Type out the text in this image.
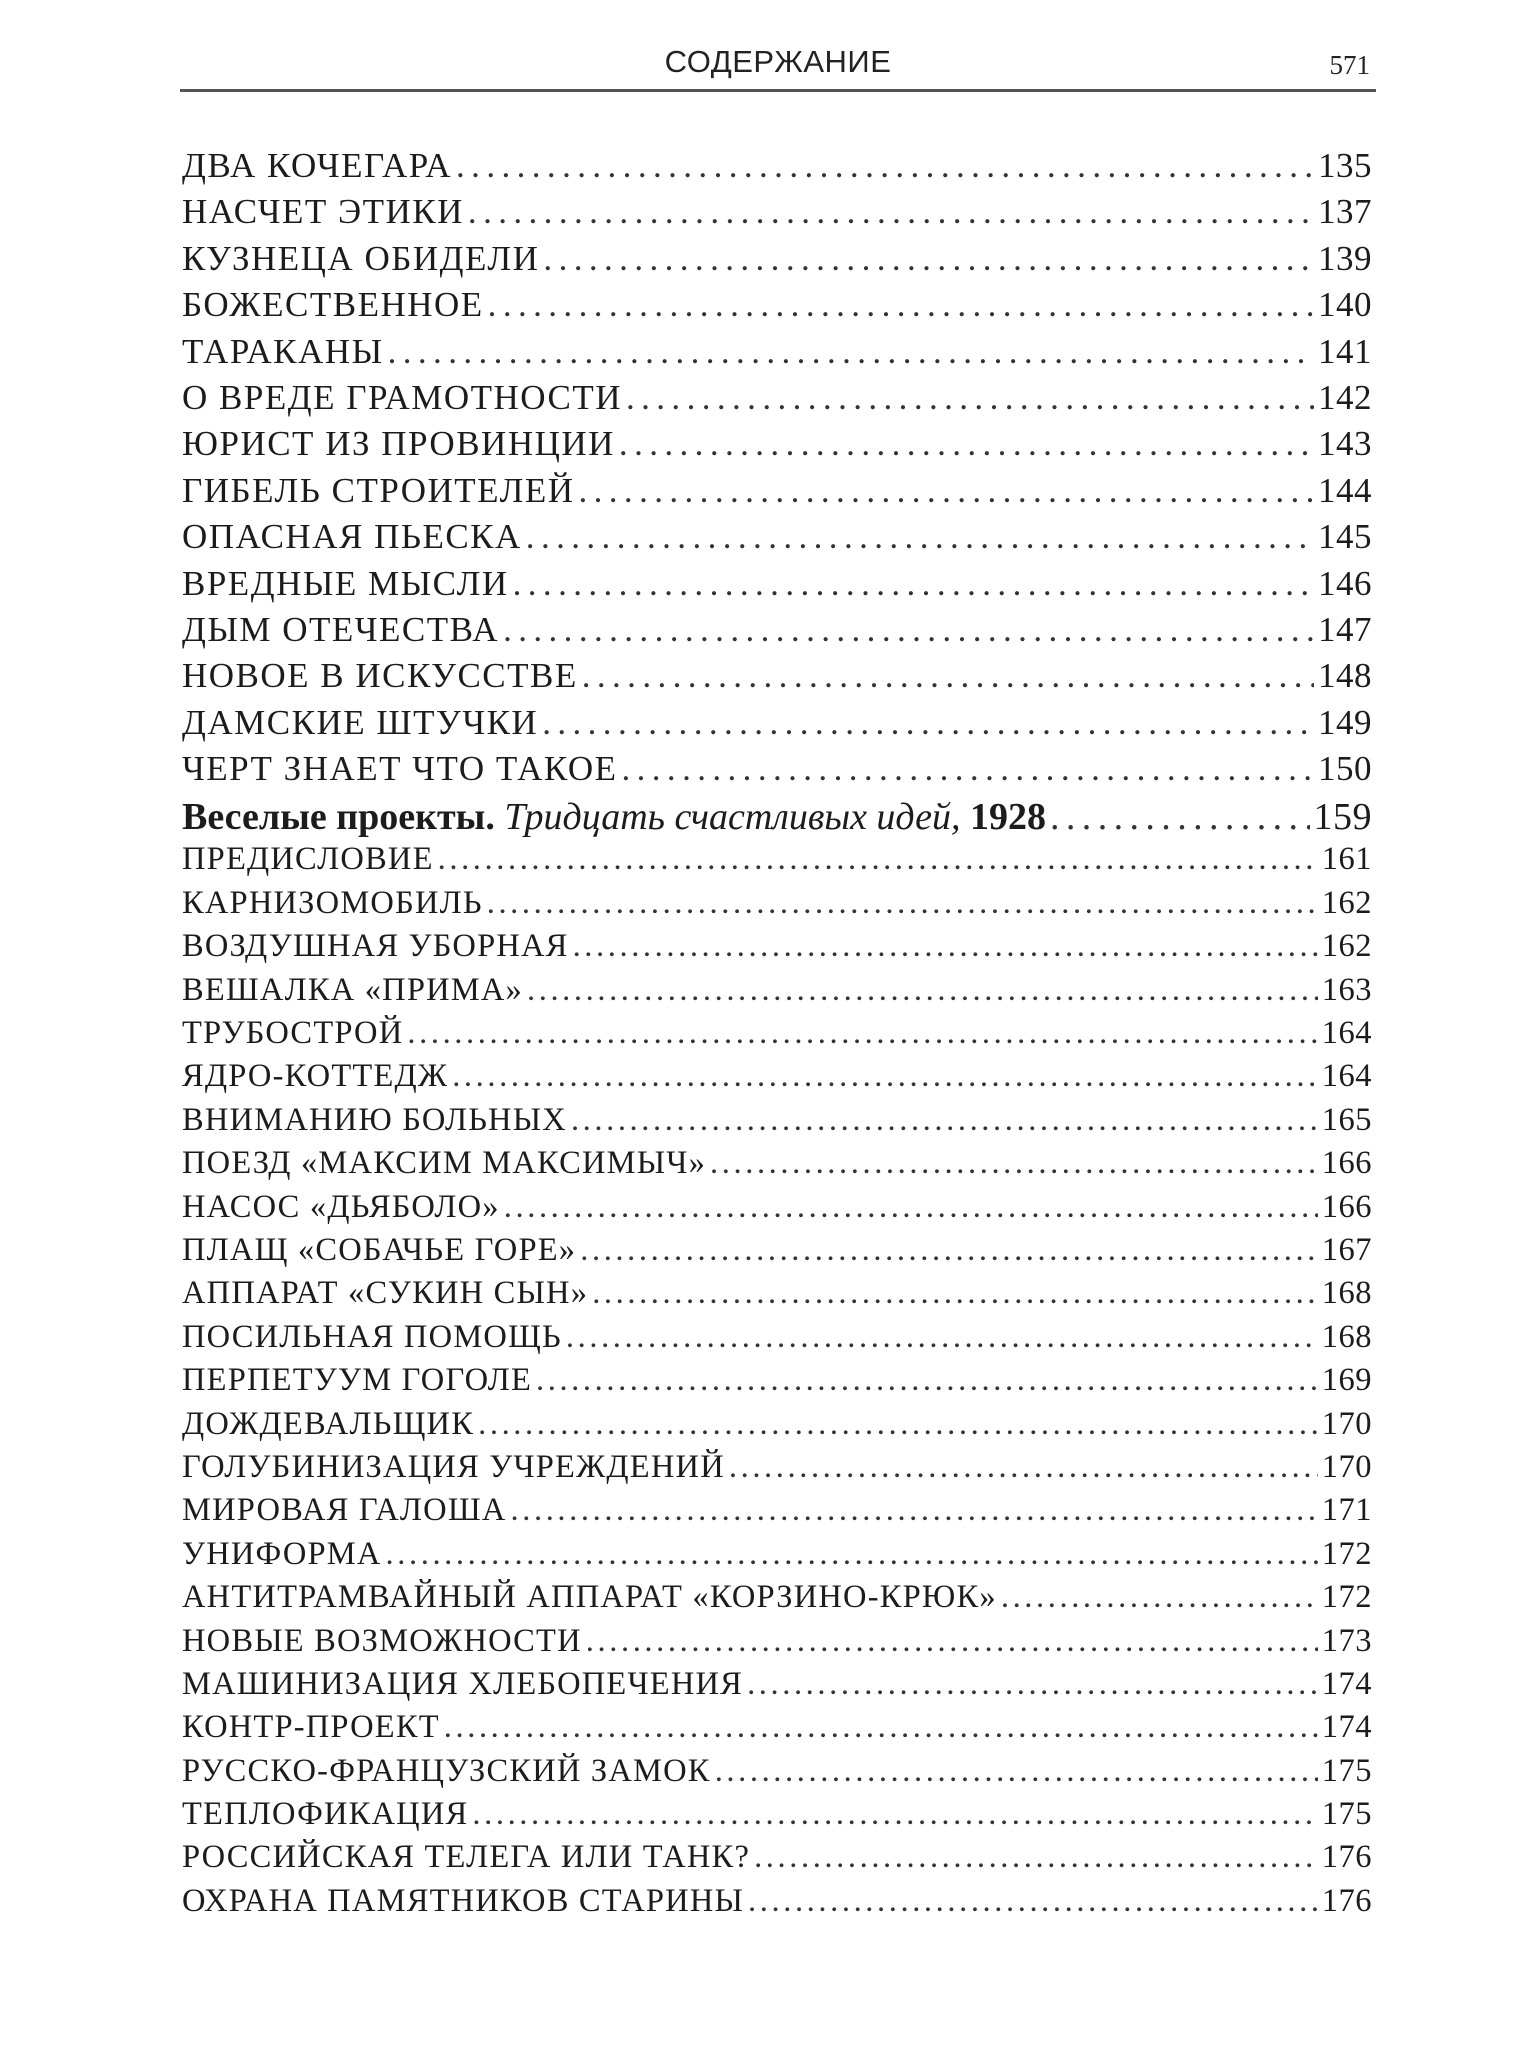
СОДЕРЖАНИЕ	571
ДВА КОЧЕГАРА .....	135
НАСЧЕТ ЭТИКИ .....	137
КУЗНЕЦА ОБИДЕЛИ .....	139
БОЖЕСТВЕННОЕ .....	140
ТАРАКАНЫ .....	141
О ВРЕДЕ ГРАМОТНОСТИ .....	142
ЮРИСТ ИЗ ПРОВИНЦИИ .....	143
ГИБЕЛЬ СТРОИТЕЛЕЙ .....	144
ОПАСНАЯ ПЬЕСКА .....	145
ВРЕДНЫЕ МЫСЛИ .....	146
ДЫМ ОТЕЧЕСТВА .....	147
НОВОЕ В ИСКУССТВЕ .....	148
ДАМСКИЕ ШТУЧКИ .....	149
ЧЕРТ ЗНАЕТ ЧТО ТАКОЕ .....	150
Веселые проекты. Тридцать счастливых идей, 1928 .....	159
ПРЕДИСЛОВИЕ .....	161
КАРНИЗОМОБИЛЬ .....	162
ВОЗДУШНАЯ УБОРНАЯ .....	162
ВЕШАЛКА «ПРИМА» .....	163
ТРУБОСТРОЙ .....	164
ЯДРО-КОТТЕДЖ .....	164
ВНИМАНИЮ БОЛЬНЫХ .....	165
ПОЕЗД «МАКСИМ МАКСИМЫЧ» .....	166
НАСОС «ДЬЯБОЛО» .....	166
ПЛАЩ «СОБАЧЬЕ ГОРЕ» .....	167
АППАРАТ «СУКИН СЫН» .....	168
ПОСИЛЬНАЯ ПОМОЩЬ .....	168
ПЕРПЕТУУМ ГОГОЛЕ .....	169
ДОЖДЕВАЛЬЩИК .....	170
ГОЛУБИНИЗАЦИЯ УЧРЕЖДЕНИЙ .....	170
МИРОВАЯ ГАЛОША .....	171
УНИФОРМА .....	172
АНТИТРАМВАЙНЫЙ АППАРАТ «КОРЗИНО-КРЮК» .....	172
НОВЫЕ ВОЗМОЖНОСТИ .....	173
МАШИНИЗАЦИЯ ХЛЕБОПЕЧЕНИЯ .....	174
КОНТР-ПРОЕКТ .....	174
РУССКО-ФРАНЦУЗСКИЙ ЗАМОК .....	175
ТЕПЛОФИКАЦИЯ .....	175
РОССИЙСКАЯ ТЕЛЕГА ИЛИ ТАНК? .....	176
ОХРАНА ПАМЯТНИКОВ СТАРИНЫ .....	176
